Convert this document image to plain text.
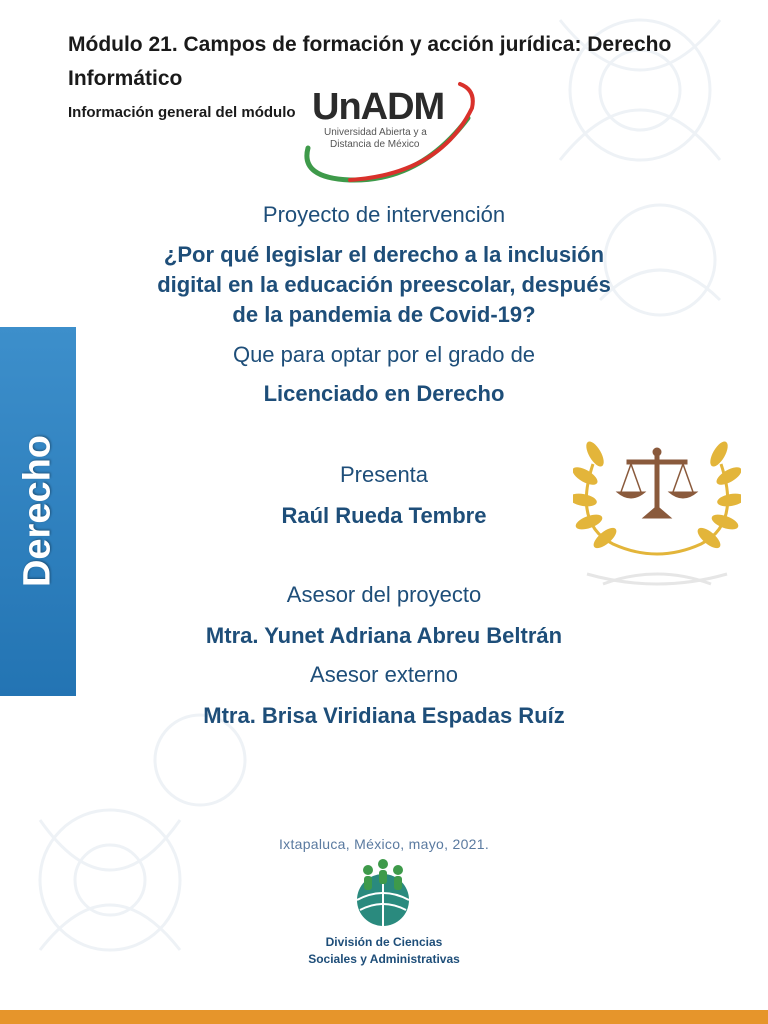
Módulo 21. Campos de formación y acción jurídica: Derecho Informático
Información general del módulo UnADM
Universidad Abierta y a
Distancia de México
Derecho
Proyecto de intervención
¿Por qué legislar el derecho a la inclusión
digital en la educación preescolar, después
de la pandemia de Covid-19?
Que para optar por el grado de
Licenciado en Derecho
Presenta
Raúl Rueda Tembre
Asesor del proyecto
Mtra. Yunet Adriana Abreu Beltrán
Asesor externo
Mtra. Brisa Viridiana Espadas Ruíz
Ixtapaluca, México, mayo, 2021.
División de Ciencias
Sociales y Administrativas
